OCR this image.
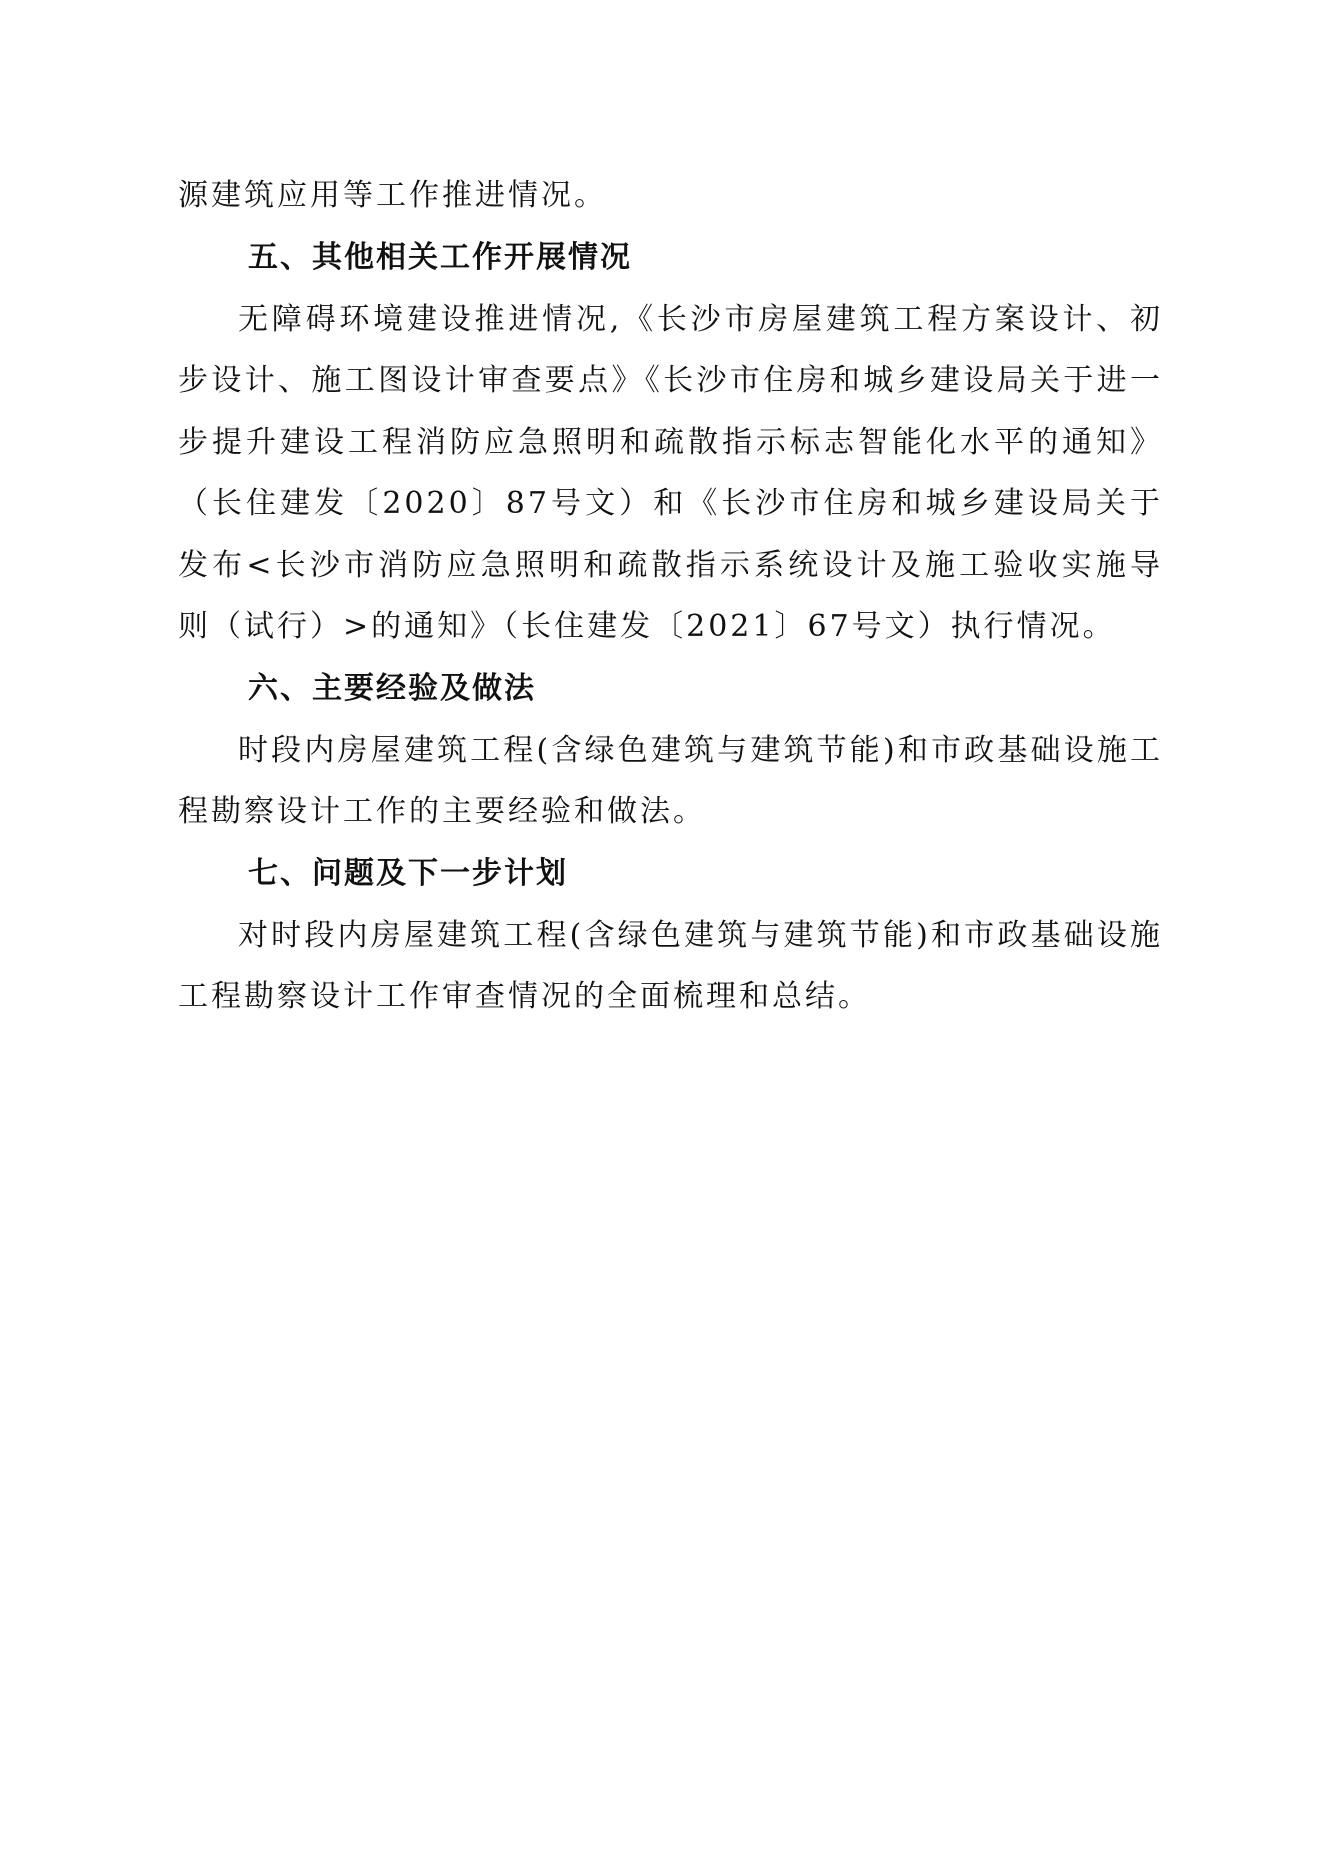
源建筑应用等工作推进情况。

五、其他相关工作开展情况

无障碍环境建设推进情况,《长沙市房屋建筑工程方案设计、初步设计、施工图设计审查要点》《长沙市住房和城乡建设局关于进一步提升建设工程消防应急照明和疏散指示标志智能化水平的通知》（长住建发〔2020〕87号文）和《长沙市住房和城乡建设局关于发布<长沙市消防应急照明和疏散指示系统设计及施工验收实施导则（试行）>的通知》（长住建发〔2021〕67号文）执行情况。

六、主要经验及做法

时段内房屋建筑工程(含绿色建筑与建筑节能)和市政基础设施工程勘察设计工作的主要经验和做法。

七、问题及下一步计划

对时段内房屋建筑工程(含绿色建筑与建筑节能)和市政基础设施工程勘察设计工作审查情况的全面梳理和总结。
